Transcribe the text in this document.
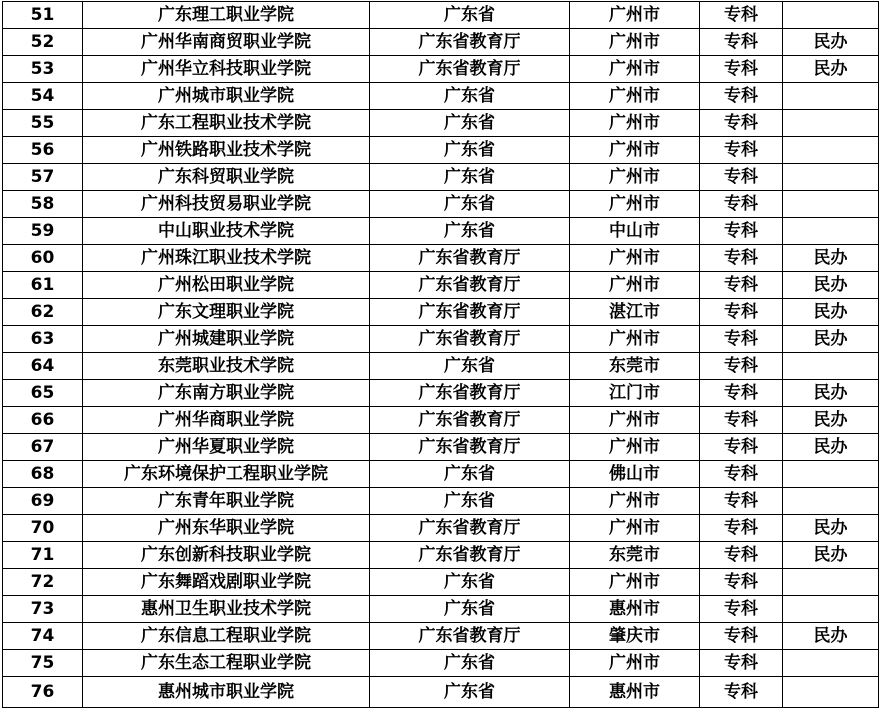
51	广东理工职业学院	广东省	广州市	专科	
52	广州华南商贸职业学院	广东省教育厅	广州市	专科	民办
53	广州华立科技职业学院	广东省教育厅	广州市	专科	民办
54	广州城市职业学院	广东省	广州市	专科	
55	广东工程职业技术学院	广东省	广州市	专科	
56	广州铁路职业技术学院	广东省	广州市	专科	
57	广东科贸职业学院	广东省	广州市	专科	
58	广州科技贸易职业学院	广东省	广州市	专科	
59	中山职业技术学院	广东省	中山市	专科	
60	广州珠江职业技术学院	广东省教育厅	广州市	专科	民办
61	广州松田职业学院	广东省教育厅	广州市	专科	民办
62	广东文理职业学院	广东省教育厅	湛江市	专科	民办
63	广州城建职业学院	广东省教育厅	广州市	专科	民办
64	东莞职业技术学院	广东省	东莞市	专科	
65	广东南方职业学院	广东省教育厅	江门市	专科	民办
66	广州华商职业学院	广东省教育厅	广州市	专科	民办
67	广州华夏职业学院	广东省教育厅	广州市	专科	民办
68	广东环境保护工程职业学院	广东省	佛山市	专科	
69	广东青年职业学院	广东省	广州市	专科	
70	广州东华职业学院	广东省教育厅	广州市	专科	民办
71	广东创新科技职业学院	广东省教育厅	东莞市	专科	民办
72	广东舞蹈戏剧职业学院	广东省	广州市	专科	
73	惠州卫生职业技术学院	广东省	惠州市	专科	
74	广东信息工程职业学院	广东省教育厅	肇庆市	专科	民办
75	广东生态工程职业学院	广东省	广州市	专科	
76	惠州城市职业学院	广东省	惠州市	专科	
